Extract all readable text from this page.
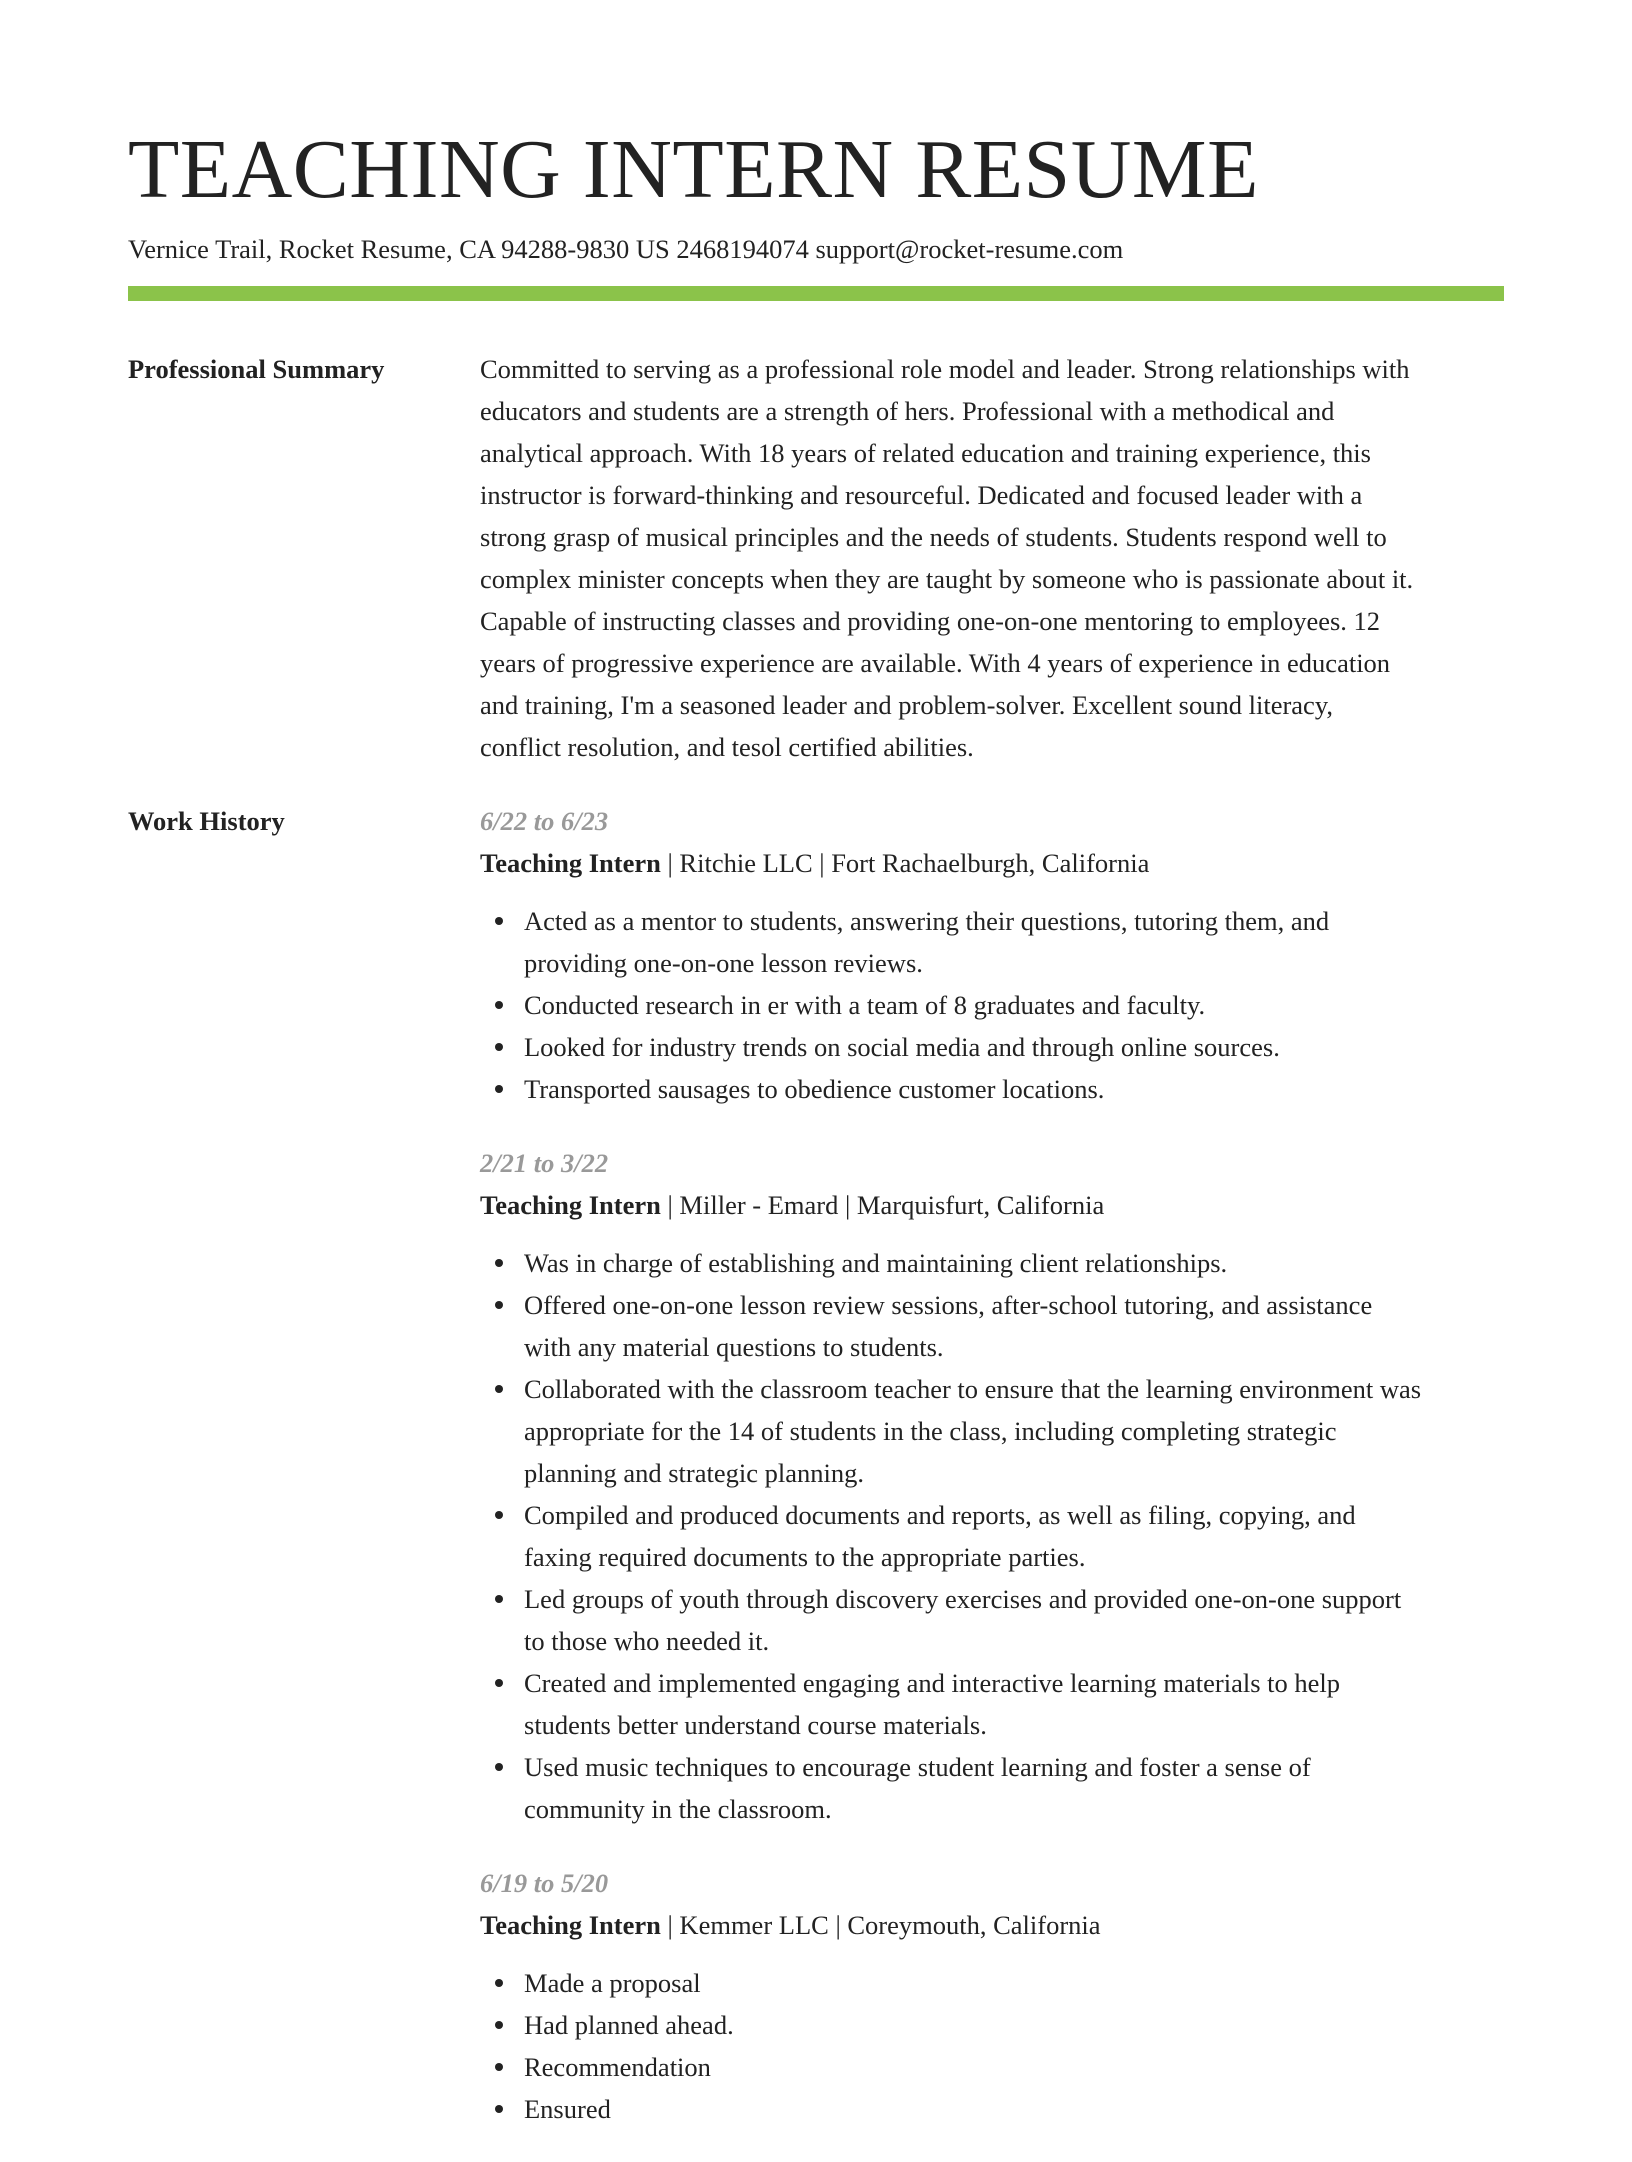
TEACHING INTERN RESUME
Vernice Trail, Rocket Resume, CA 94288-9830 US 2468194074 support@rocket-resume.com
Professional Summary	Committed to serving as a professional role model and leader. Strong relationships with
educators and students are a strength of hers. Professional with a methodical and
analytical approach. With 18 years of related education and training experience, this
instructor is forward-thinking and resourceful. Dedicated and focused leader with a
strong grasp of musical principles and the needs of students. Students respond well to
complex minister concepts when they are taught by someone who is passionate about it.
Capable of instructing classes and providing one-on-one mentoring to employees. 12
years of progressive experience are available. With 4 years of experience in education
and training, I'm a seasoned leader and problem-solver. Excellent sound literacy,
conflict resolution, and tesol certified abilities.
Work History	6/22 to 6/23
Teaching Intern | Ritchie LLC | Fort Rachaelburgh, California
Acted as a mentor to students, answering their questions, tutoring them, and
providing one-on-one lesson reviews.
Conducted research in er with a team of 8 graduates and faculty.
Looked for industry trends on social media and through online sources.
Transported sausages to obedience customer locations.
2/21 to 3/22
Teaching Intern | Miller - Emard | Marquisfurt, California
Was in charge of establishing and maintaining client relationships.
Offered one-on-one lesson review sessions, after-school tutoring, and assistance
with any material questions to students.
Collaborated with the classroom teacher to ensure that the learning environment was
appropriate for the 14 of students in the class, including completing strategic
planning and strategic planning.
Compiled and produced documents and reports, as well as filing, copying, and
faxing required documents to the appropriate parties.
Led groups of youth through discovery exercises and provided one-on-one support
to those who needed it.
Created and implemented engaging and interactive learning materials to help
students better understand course materials.
Used music techniques to encourage student learning and foster a sense of
community in the classroom.
6/19 to 5/20
Teaching Intern | Kemmer LLC | Coreymouth, California
Made a proposal
Had planned ahead.
Recommendation
Ensured
